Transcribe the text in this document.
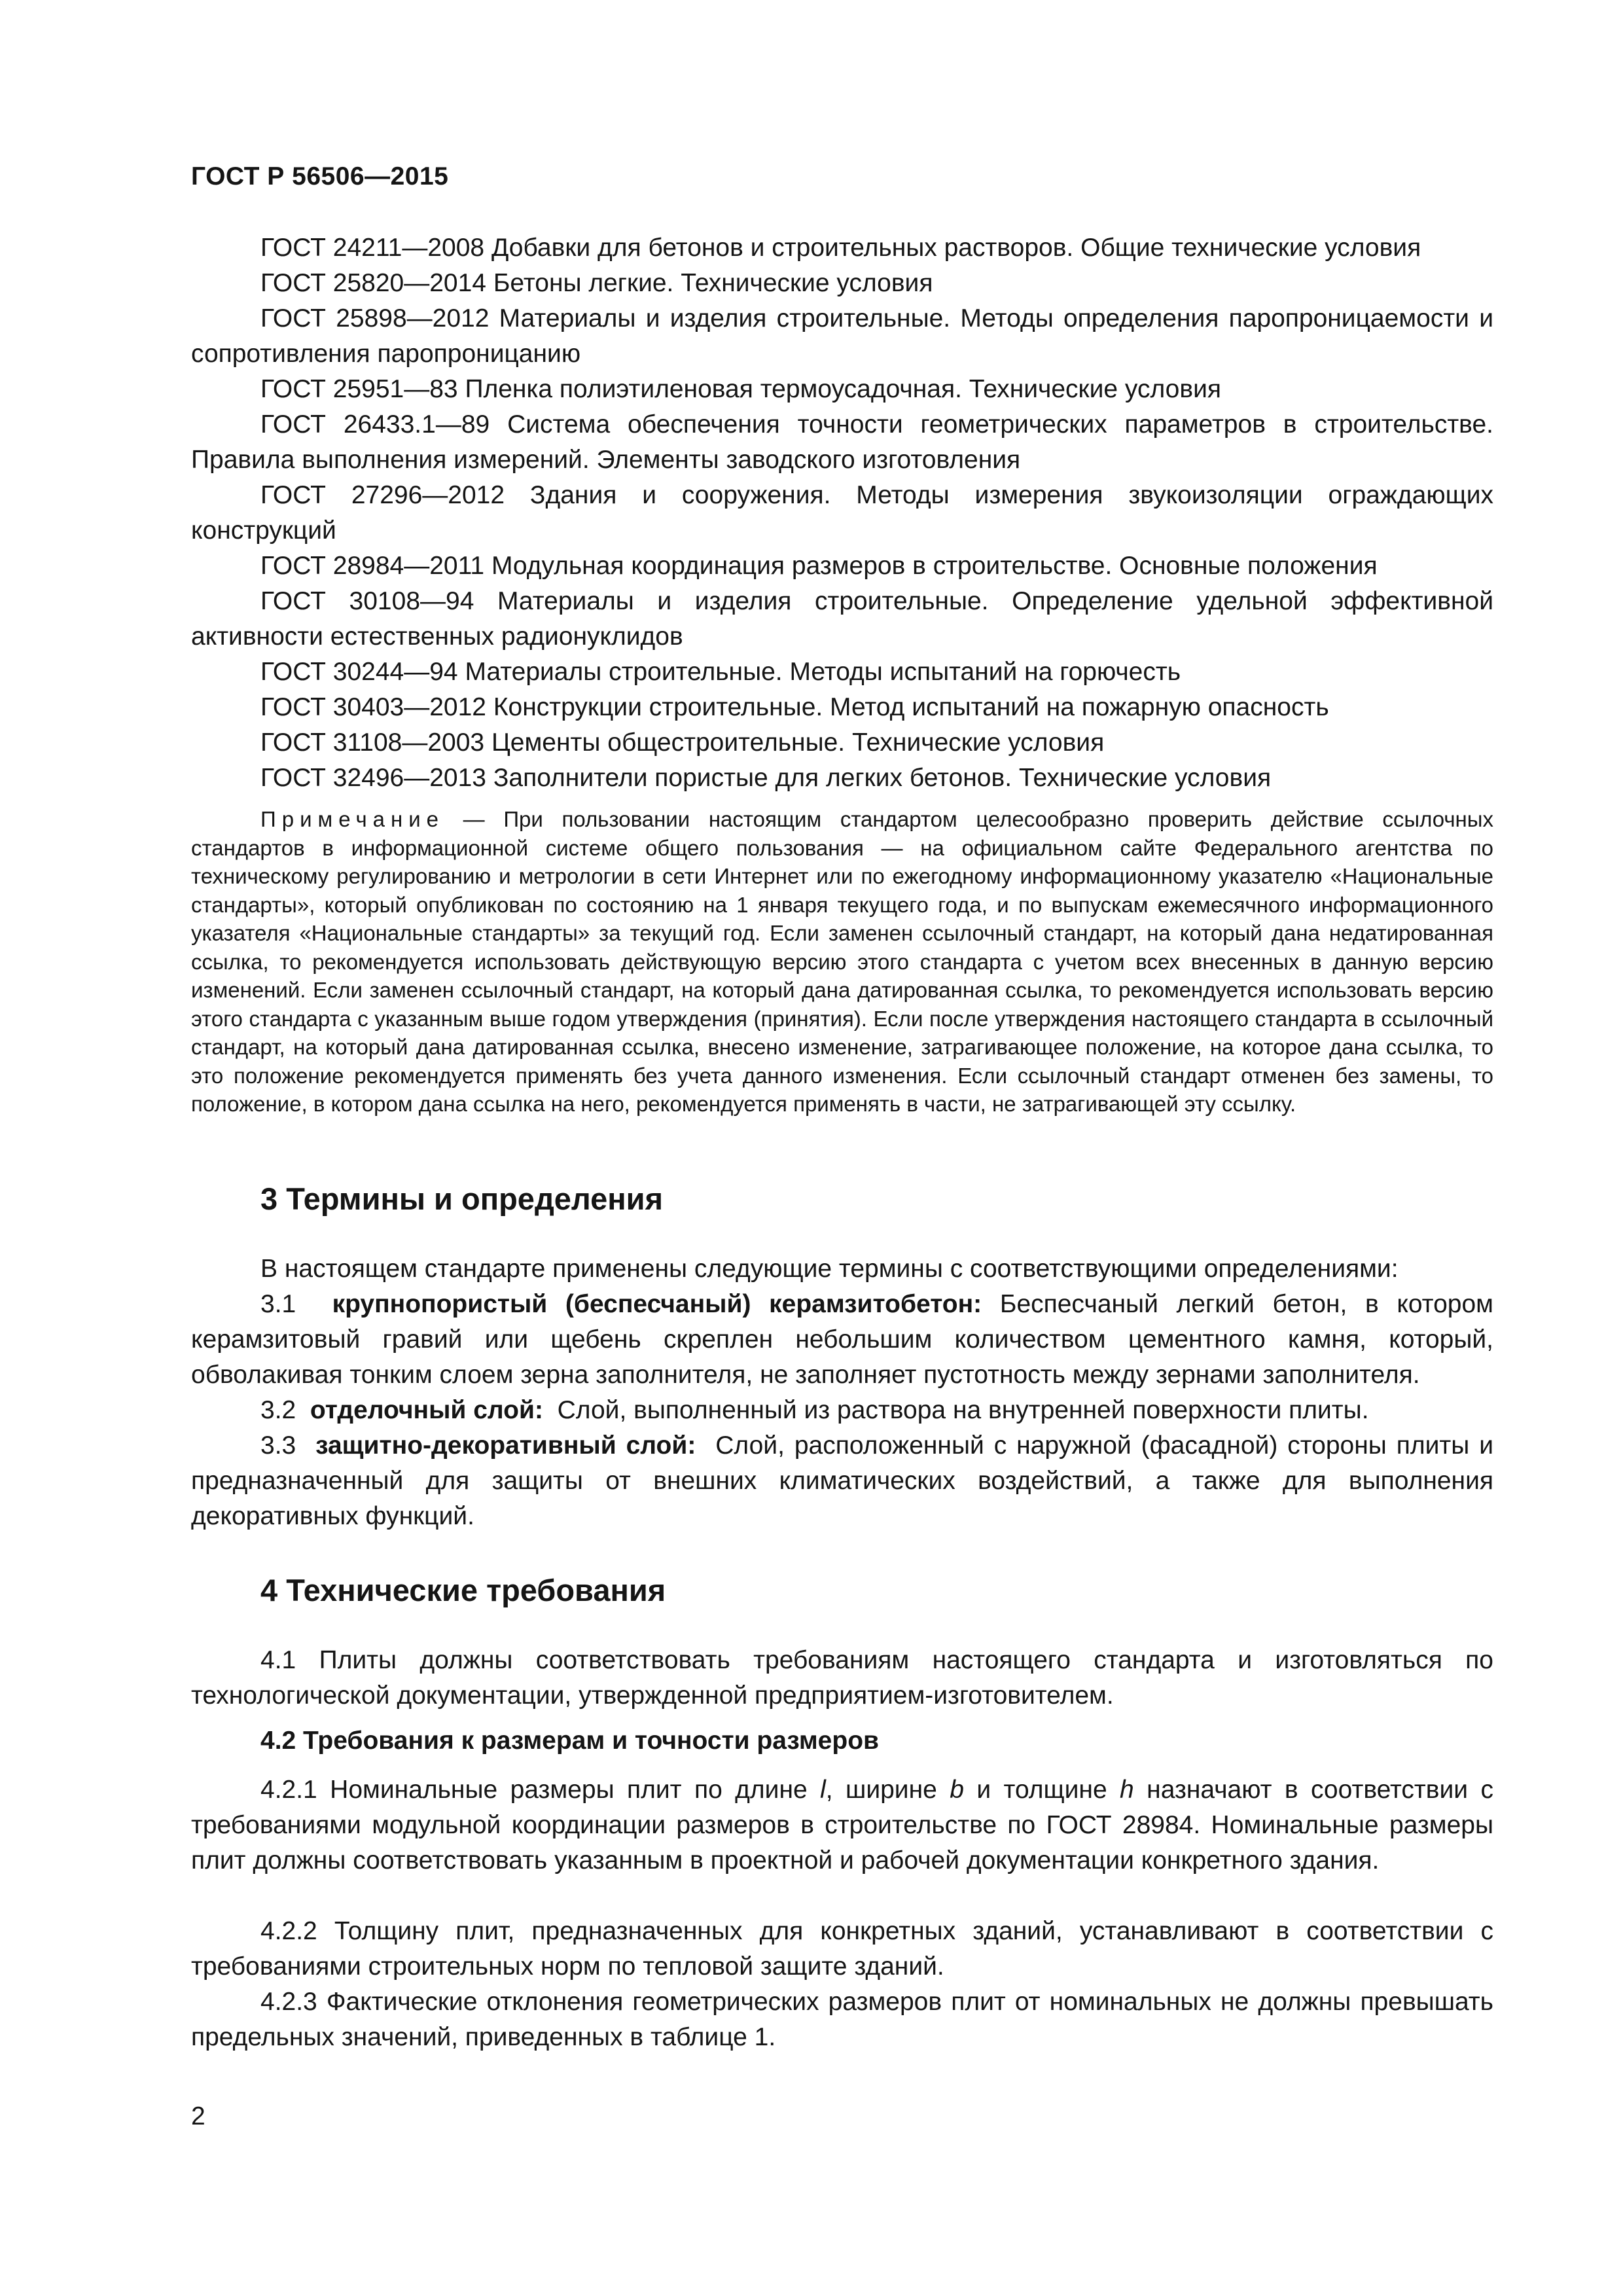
ГОСТ Р 56506—2015
ГОСТ 24211—2008 Добавки для бетонов и строительных растворов. Общие технические условия
ГОСТ 25820—2014 Бетоны легкие. Технические условия
ГОСТ 25898—2012 Материалы и изделия строительные. Методы определения паропроницаемости и сопротивления паропроницанию
ГОСТ 25951—83 Пленка полиэтиленовая термоусадочная. Технические условия
ГОСТ 26433.1—89 Система обеспечения точности геометрических параметров в строительстве. Правила выполнения измерений. Элементы заводского изготовления
ГОСТ 27296—2012 Здания и сооружения. Методы измерения звукоизоляции ограждающих конструкций
ГОСТ 28984—2011 Модульная координация размеров в строительстве. Основные положения
ГОСТ 30108—94 Материалы и изделия строительные. Определение удельной эффективной активности естественных радионуклидов
ГОСТ 30244—94 Материалы строительные. Методы испытаний на горючесть
ГОСТ 30403—2012 Конструкции строительные. Метод испытаний на пожарную опасность
ГОСТ 31108—2003 Цементы общестроительные. Технические условия
ГОСТ 32496—2013 Заполнители пористые для легких бетонов. Технические условия
Примечание — При пользовании настоящим стандартом целесообразно проверить действие ссылочных стандартов в информационной системе общего пользования — на официальном сайте Федерального агентства по техническому регулированию и метрологии в сети Интернет или по ежегодному информационному указателю «Национальные стандарты», который опубликован по состоянию на 1 января текущего года, и по выпускам ежемесячного информационного указателя «Национальные стандарты» за текущий год. Если заменен ссылочный стандарт, на который дана недатированная ссылка, то рекомендуется использовать действующую версию этого стандарта с учетом всех внесенных в данную версию изменений. Если заменен ссылочный стандарт, на который дана датированная ссылка, то рекомендуется использовать версию этого стандарта с указанным выше годом утверждения (принятия). Если после утверждения настоящего стандарта в ссылочный стандарт, на который дана датированная ссылка, внесено изменение, затрагивающее положение, на которое дана ссылка, то это положение рекомендуется применять без учета данного изменения. Если ссылочный стандарт отменен без замены, то положение, в котором дана ссылка на него, рекомендуется применять в части, не затрагивающей эту ссылку.
3 Термины и определения
В настоящем стандарте применены следующие термины с соответствующими определениями:
3.1 крупнопористый (беспесчаный) керамзитобетон: Беспесчаный легкий бетон, в котором керамзитовый гравий или щебень скреплен небольшим количеством цементного камня, который, обволакивая тонким слоем зерна заполнителя, не заполняет пустотность между зернами заполнителя.
3.2 отделочный слой: Слой, выполненный из раствора на внутренней поверхности плиты.
3.3 защитно-декоративный слой: Слой, расположенный с наружной (фасадной) стороны плиты и предназначенный для защиты от внешних климатических воздействий, а также для выполнения декоративных функций.
4 Технические требования
4.1 Плиты должны соответствовать требованиям настоящего стандарта и изготовляться по технологической документации, утвержденной предприятием-изготовителем.
4.2 Требования к размерам и точности размеров
4.2.1 Номинальные размеры плит по длине l, ширине b и толщине h назначают в соответствии с требованиями модульной координации размеров в строительстве по ГОСТ 28984. Номинальные размеры плит должны соответствовать указанным в проектной и рабочей документации конкретного здания.
4.2.2 Толщину плит, предназначенных для конкретных зданий, устанавливают в соответствии с требованиями строительных норм по тепловой защите зданий.
4.2.3 Фактические отклонения геометрических размеров плит от номинальных не должны превышать предельных значений, приведенных в таблице 1.
2
